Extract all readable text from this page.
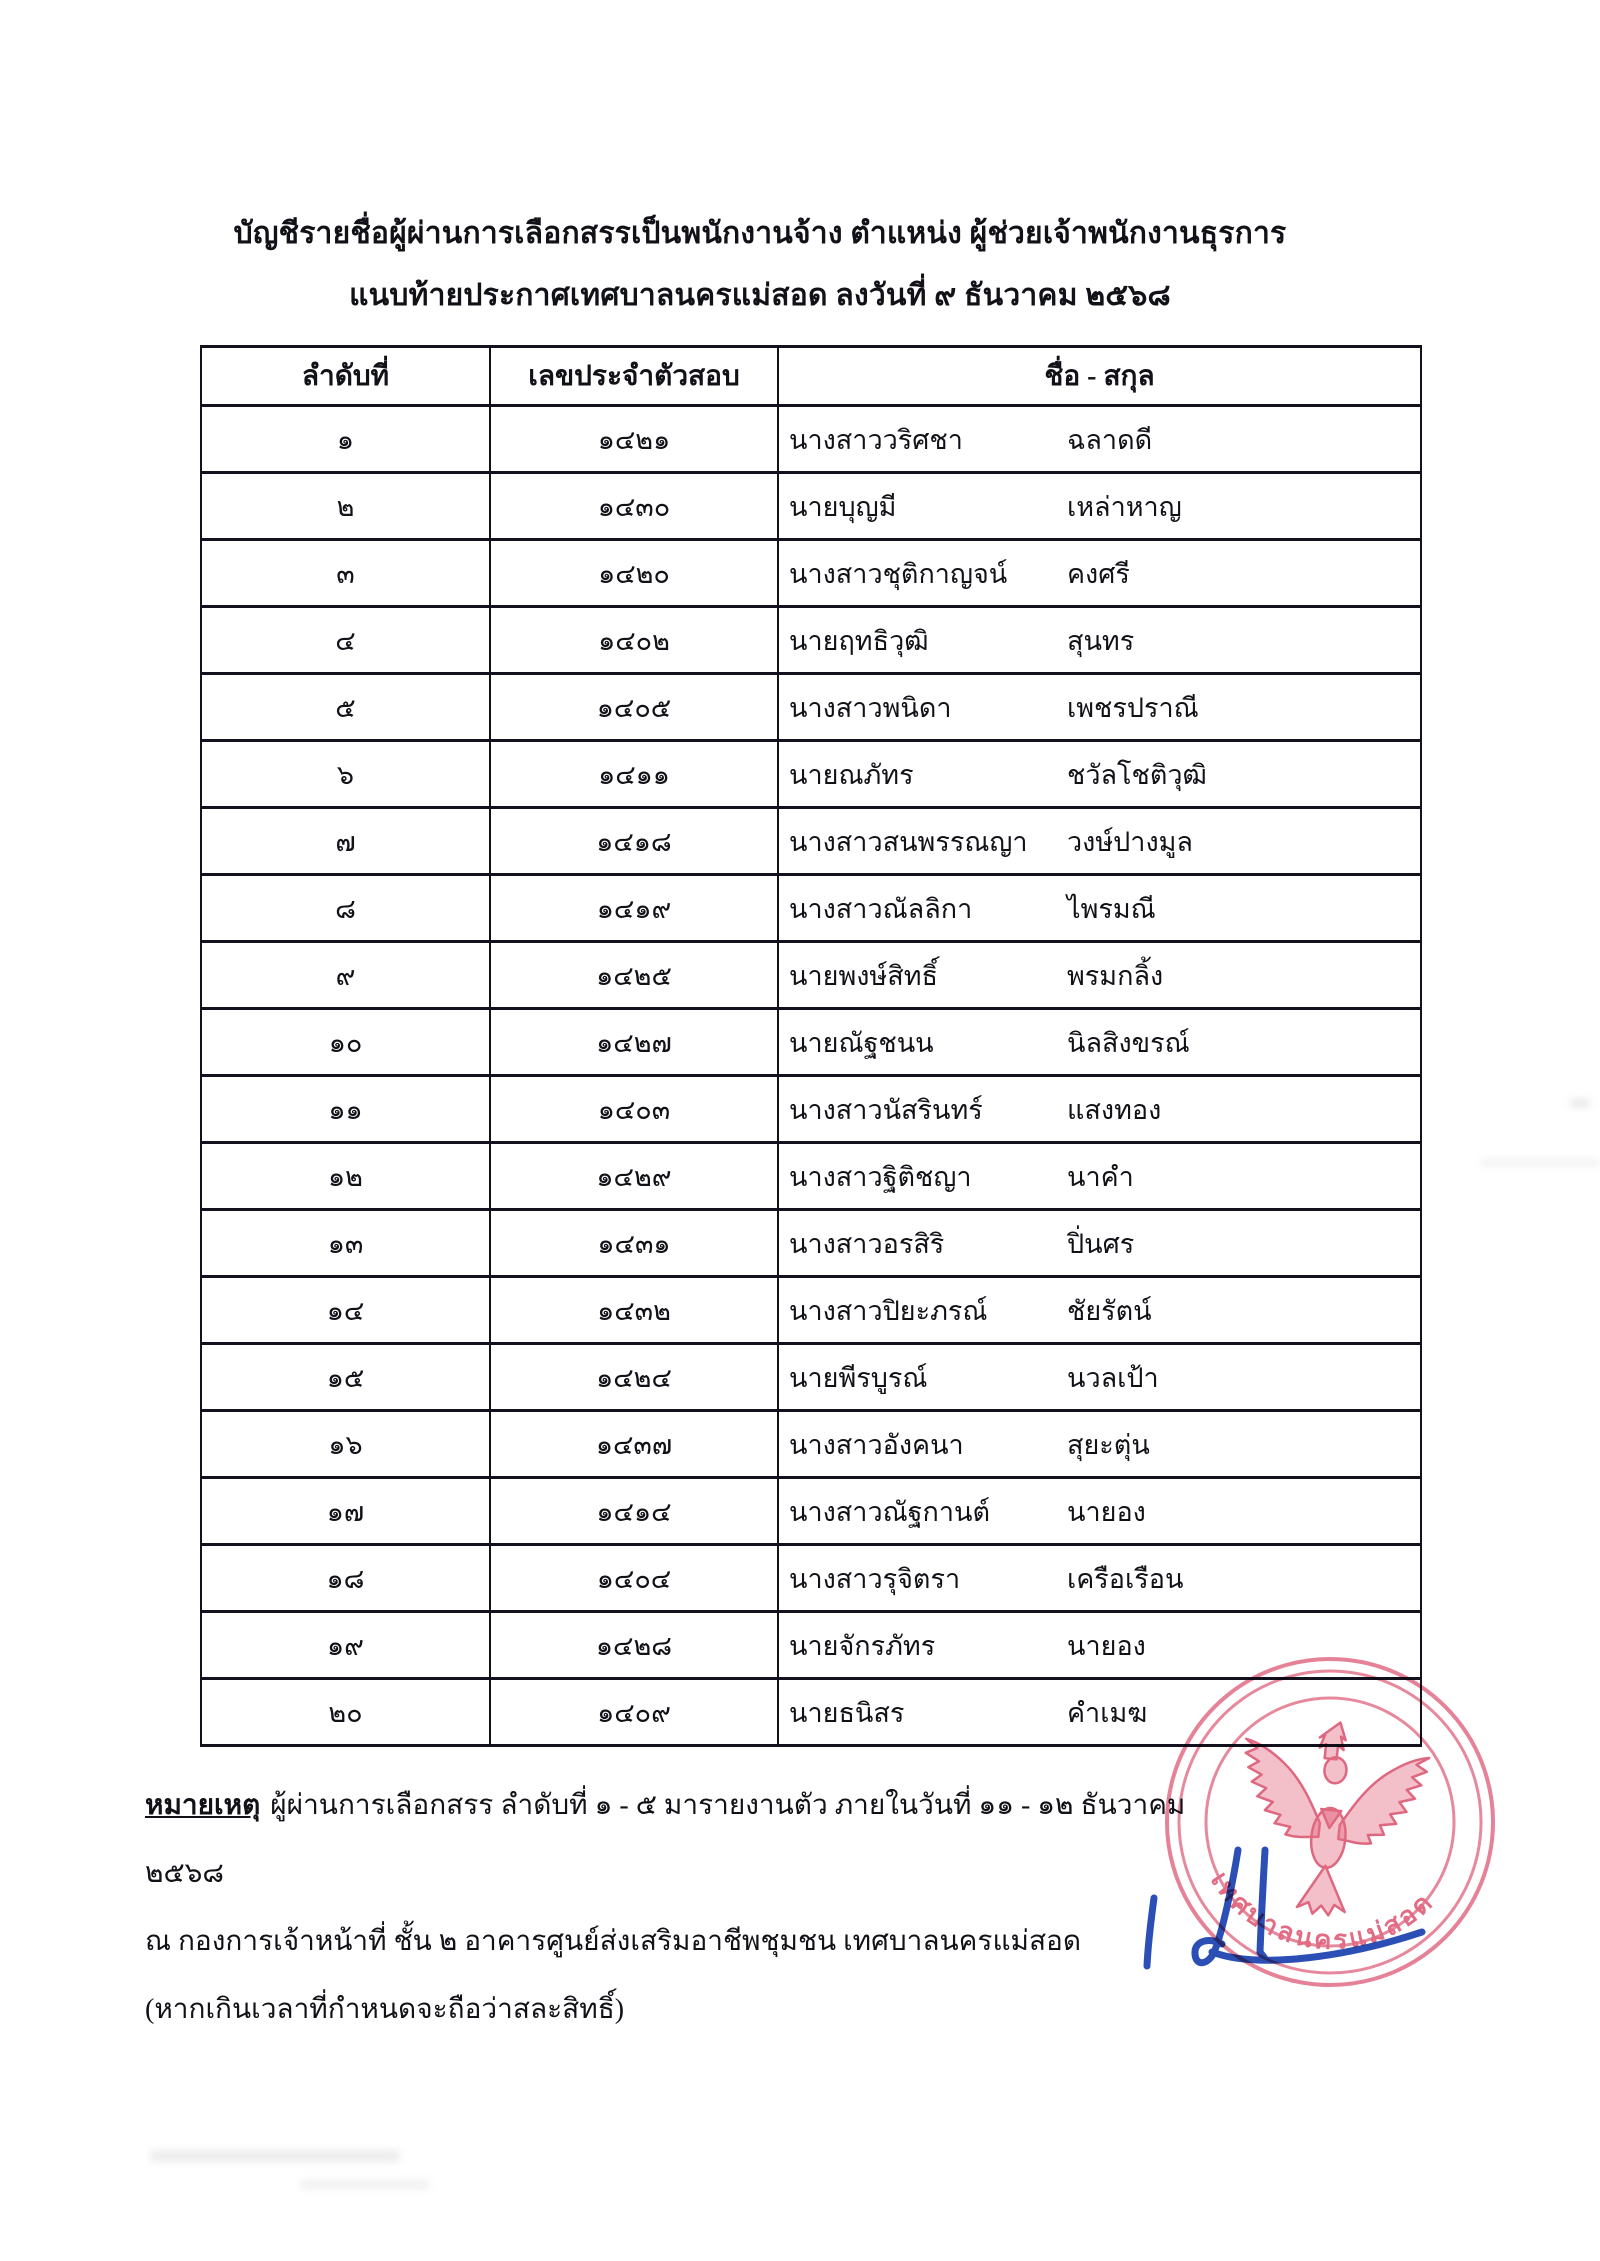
บัญชีรายชื่อผู้ผ่านการเลือกสรรเป็นพนักงานจ้าง ตำแหน่ง ผู้ช่วยเจ้าพนักงานธุรการ
แนบท้ายประกาศเทศบาลนครแม่สอด ลงวันที่ ๙ ธันวาคม ๒๕๖๘
ลำดับที่	เลขประจำตัวสอบ	ชื่อ - สกุล
๑	๑๔๒๑	นางสาววริศชา ฉลาดดี
๒	๑๔๓๐	นายบุญมี เหล่าหาญ
๓	๑๔๒๐	นางสาวชุติกาญจน์ คงศรี
๔	๑๔๐๒	นายฤทธิวุฒิ สุนทร
๕	๑๔๐๕	นางสาวพนิดา เพชรปราณี
๖	๑๔๑๑	นายณภัทร ชวัลโชติวุฒิ
๗	๑๔๑๘	นางสาวสนพรรณญา วงษ์ปางมูล
๘	๑๔๑๙	นางสาวณัลลิกา ไพรมณี
๙	๑๔๒๕	นายพงษ์สิทธิ์ พรมกลิ้ง
๑๐	๑๔๒๗	นายณัฐชนน นิลสิงขรณ์
๑๑	๑๔๐๓	นางสาวนัสรินทร์ แสงทอง
๑๒	๑๔๒๙	นางสาวฐิติชญา นาคำ
๑๓	๑๔๓๑	นางสาวอรสิริ ปิ่นศร
๑๔	๑๔๓๒	นางสาวปิยะภรณ์ ชัยรัตน์
๑๕	๑๔๒๔	นายพีรบูรณ์ นวลเป้า
๑๖	๑๔๓๗	นางสาวอังคนา สุยะตุ่น
๑๗	๑๔๑๔	นางสาวณัฐกานต์ นายอง
๑๘	๑๔๐๔	นางสาวรุจิตรา เครือเรือน
๑๙	๑๔๒๘	นายจักรภัทร นายอง
๒๐	๑๔๐๙	นายธนิสร คำเมฆ
หมายเหตุ ผู้ผ่านการเลือกสรร ลำดับที่ ๑ - ๕ มารายงานตัว ภายในวันที่ ๑๑ - ๑๒ ธันวาคม ๒๕๖๘
ณ กองการเจ้าหน้าที่ ชั้น ๒ อาคารศูนย์ส่งเสริมอาชีพชุมชน เทศบาลนครแม่สอด
(หากเกินเวลาที่กำหนดจะถือว่าสละสิทธิ์)
เทศบาลนครแม่สอด
